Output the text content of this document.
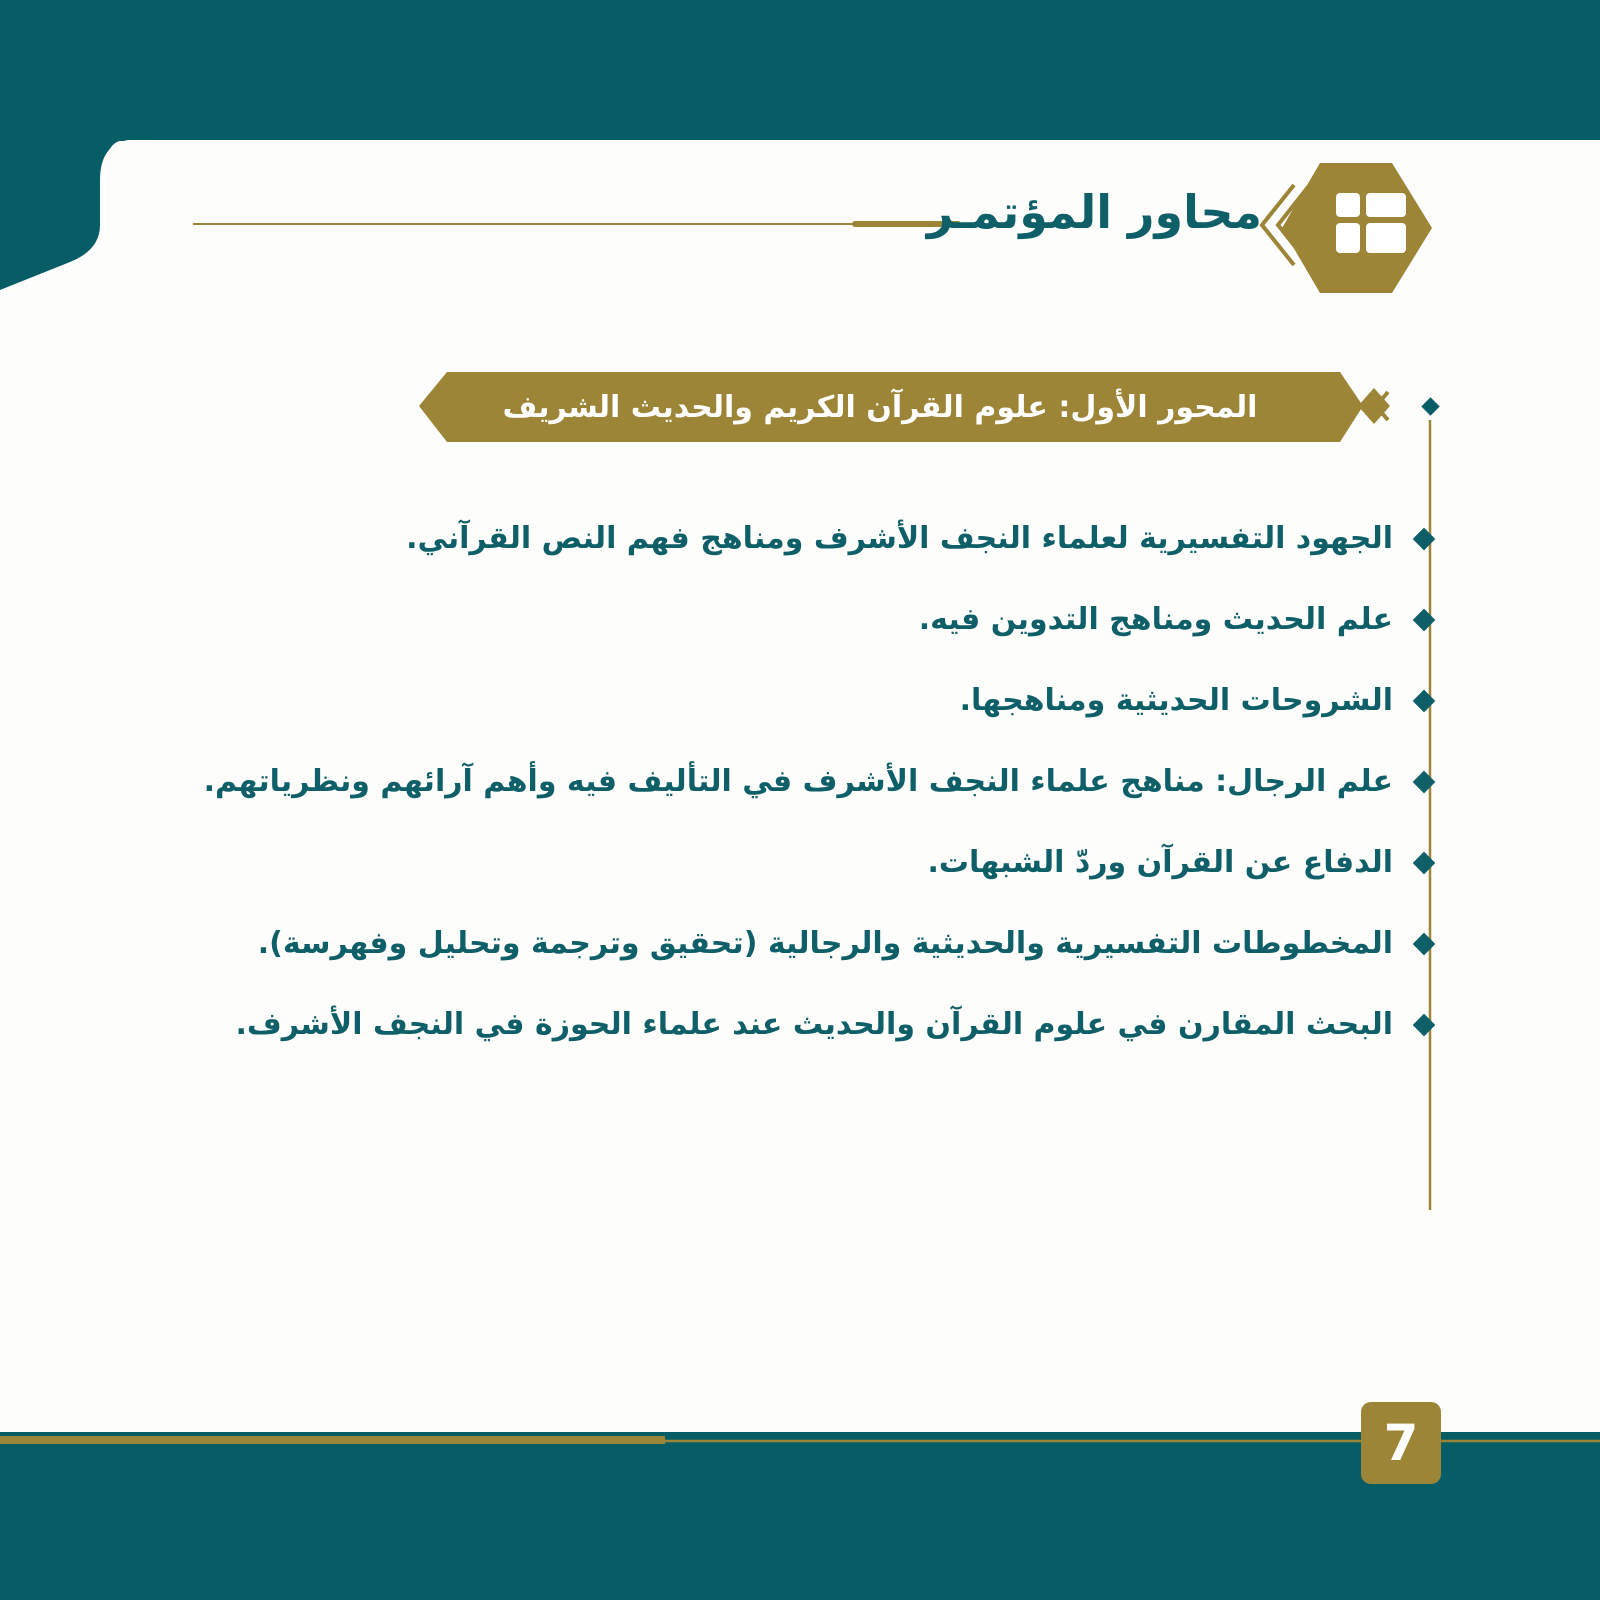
محاور المؤتمـر
المحور الأول: علوم القرآن الكريم والحديث الشريف
الجهود التفسيرية لعلماء النجف الأشرف ومناهج فهم النص القرآني.
علم الحديث ومناهج التدوين فيه.
الشروحات الحديثية ومناهجها.
علم الرجال: مناهج علماء النجف الأشرف في التأليف فيه وأهم آرائهم ونظرياتهم.
الدفاع عن القرآن وردّ الشبهات.
المخطوطات التفسيرية والحديثية والرجالية (تحقيق وترجمة وتحليل وفهرسة).
البحث المقارن في علوم القرآن والحديث عند علماء الحوزة في النجف الأشرف.
7
